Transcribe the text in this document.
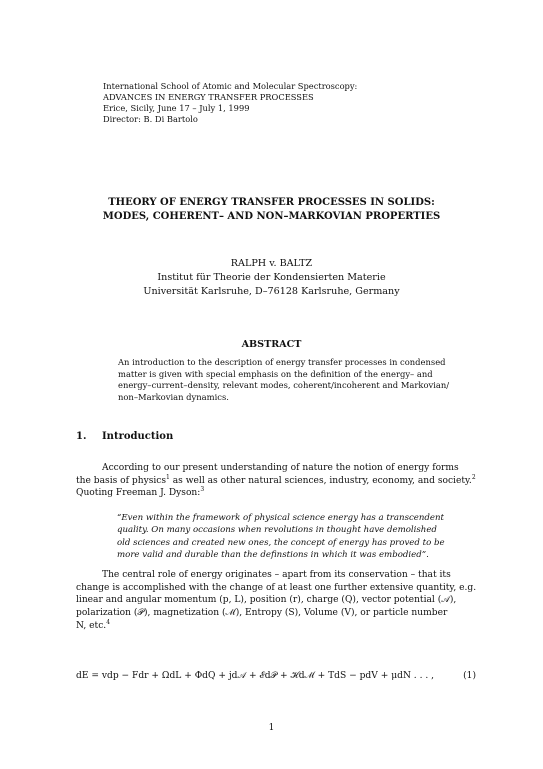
International School of Atomic and Molecular Spectroscopy:
ADVANCES IN ENERGY TRANSFER PROCESSES
Erice, Sicily, June 17 – July 1, 1999
Director: B. Di Bartolo
THEORY OF ENERGY TRANSFER PROCESSES IN SOLIDS:
MODES, COHERENT– AND NON–MARKOVIAN PROPERTIES
RALPH v. BALTZ
Institut für Theorie der Kondensierten Materie
Universität Karlsruhe, D–76128 Karlsruhe, Germany
ABSTRACT
An introduction to the description of energy transfer processes in condensed
matter is given with special emphasis on the definition of the energy– and
energy–current–density, relevant modes, coherent/incoherent and Markovian/
non–Markovian dynamics.
1. Introduction
According to our present understanding of nature the notion of energy forms
the basis of physics$^1$ as well as other natural sciences, industry, economy, and society.$^2$
Quoting Freeman J. Dyson:$^3$
“Even within the framework of physical science energy has a transcendent
quality. On many occasions when revolutions in thought have demolished
old sciences and created new ones, the concept of energy has proved to be
more valid and durable than the definstions in which it was embodied”.
The central role of energy originates – apart from its conservation – that its
change is accomplished with the change of at least one further extensive quantity, e.g.
linear and angular momentum (p, L), position (r), charge (Q), vector potential (𝒜),
polarization (𝒫), magnetization (ℳ), Entropy (S), Volume (V), or particle number
N, etc.$^4$
dE = vdp − Fdr + ΩdL + ΦdQ + jd𝒜 + ℰd𝒫 + ℋdℳ + TdS − pdV + μdN . . . ,	(1)
1
